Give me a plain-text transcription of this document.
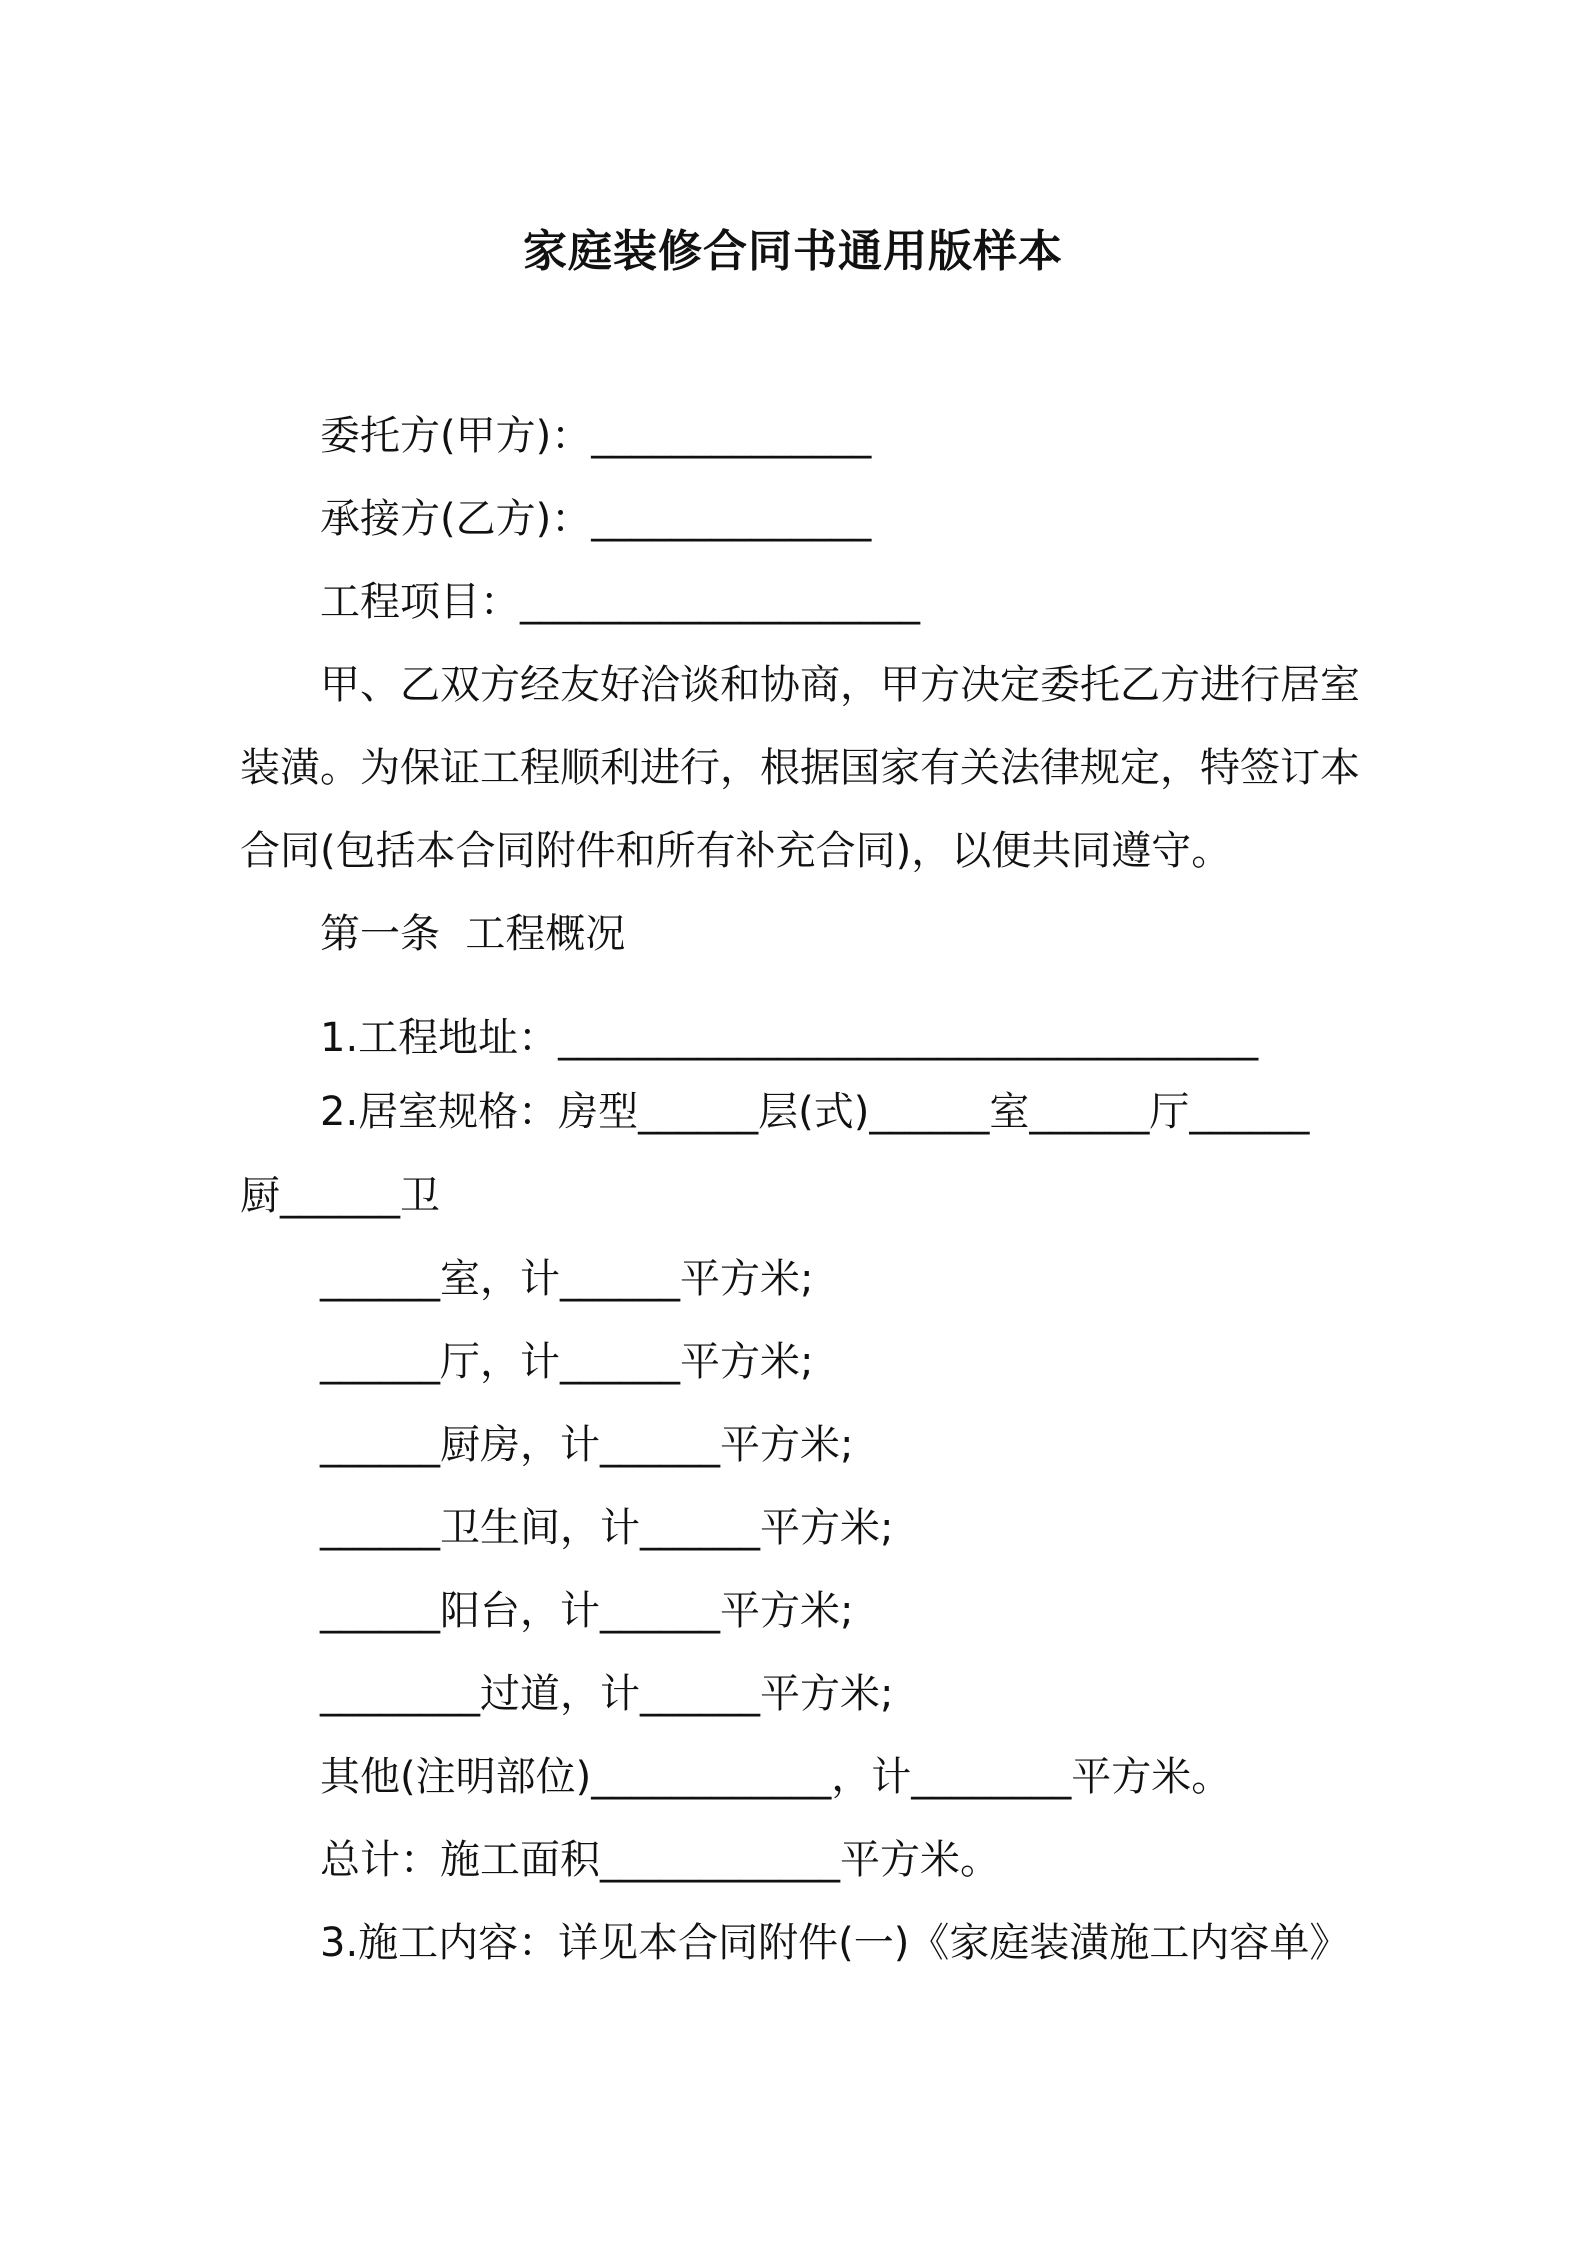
家庭装修合同书通用版样本
委托方(甲方)：______________
承接方(乙方)：______________
工程项目：____________________
甲、乙双方经友好洽谈和协商，甲方决定委托乙方进行居室
装潢。为保证工程顺利进行，根据国家有关法律规定，特签订本
合同(包括本合同附件和所有补充合同)，以便共同遵守。
第一条  工程概况
1.工程地址：___________________________________
2.居室规格：房型______层(式)______室______厅______
厨______卫
______室，计______平方米;
______厅，计______平方米;
______厨房，计______平方米;
______卫生间，计______平方米;
______阳台，计______平方米;
________过道，计______平方米;
其他(注明部位)____________，计________平方米。
总计：施工面积____________平方米。
3.施工内容：详见本合同附件(一)《家庭装潢施工内容单》
